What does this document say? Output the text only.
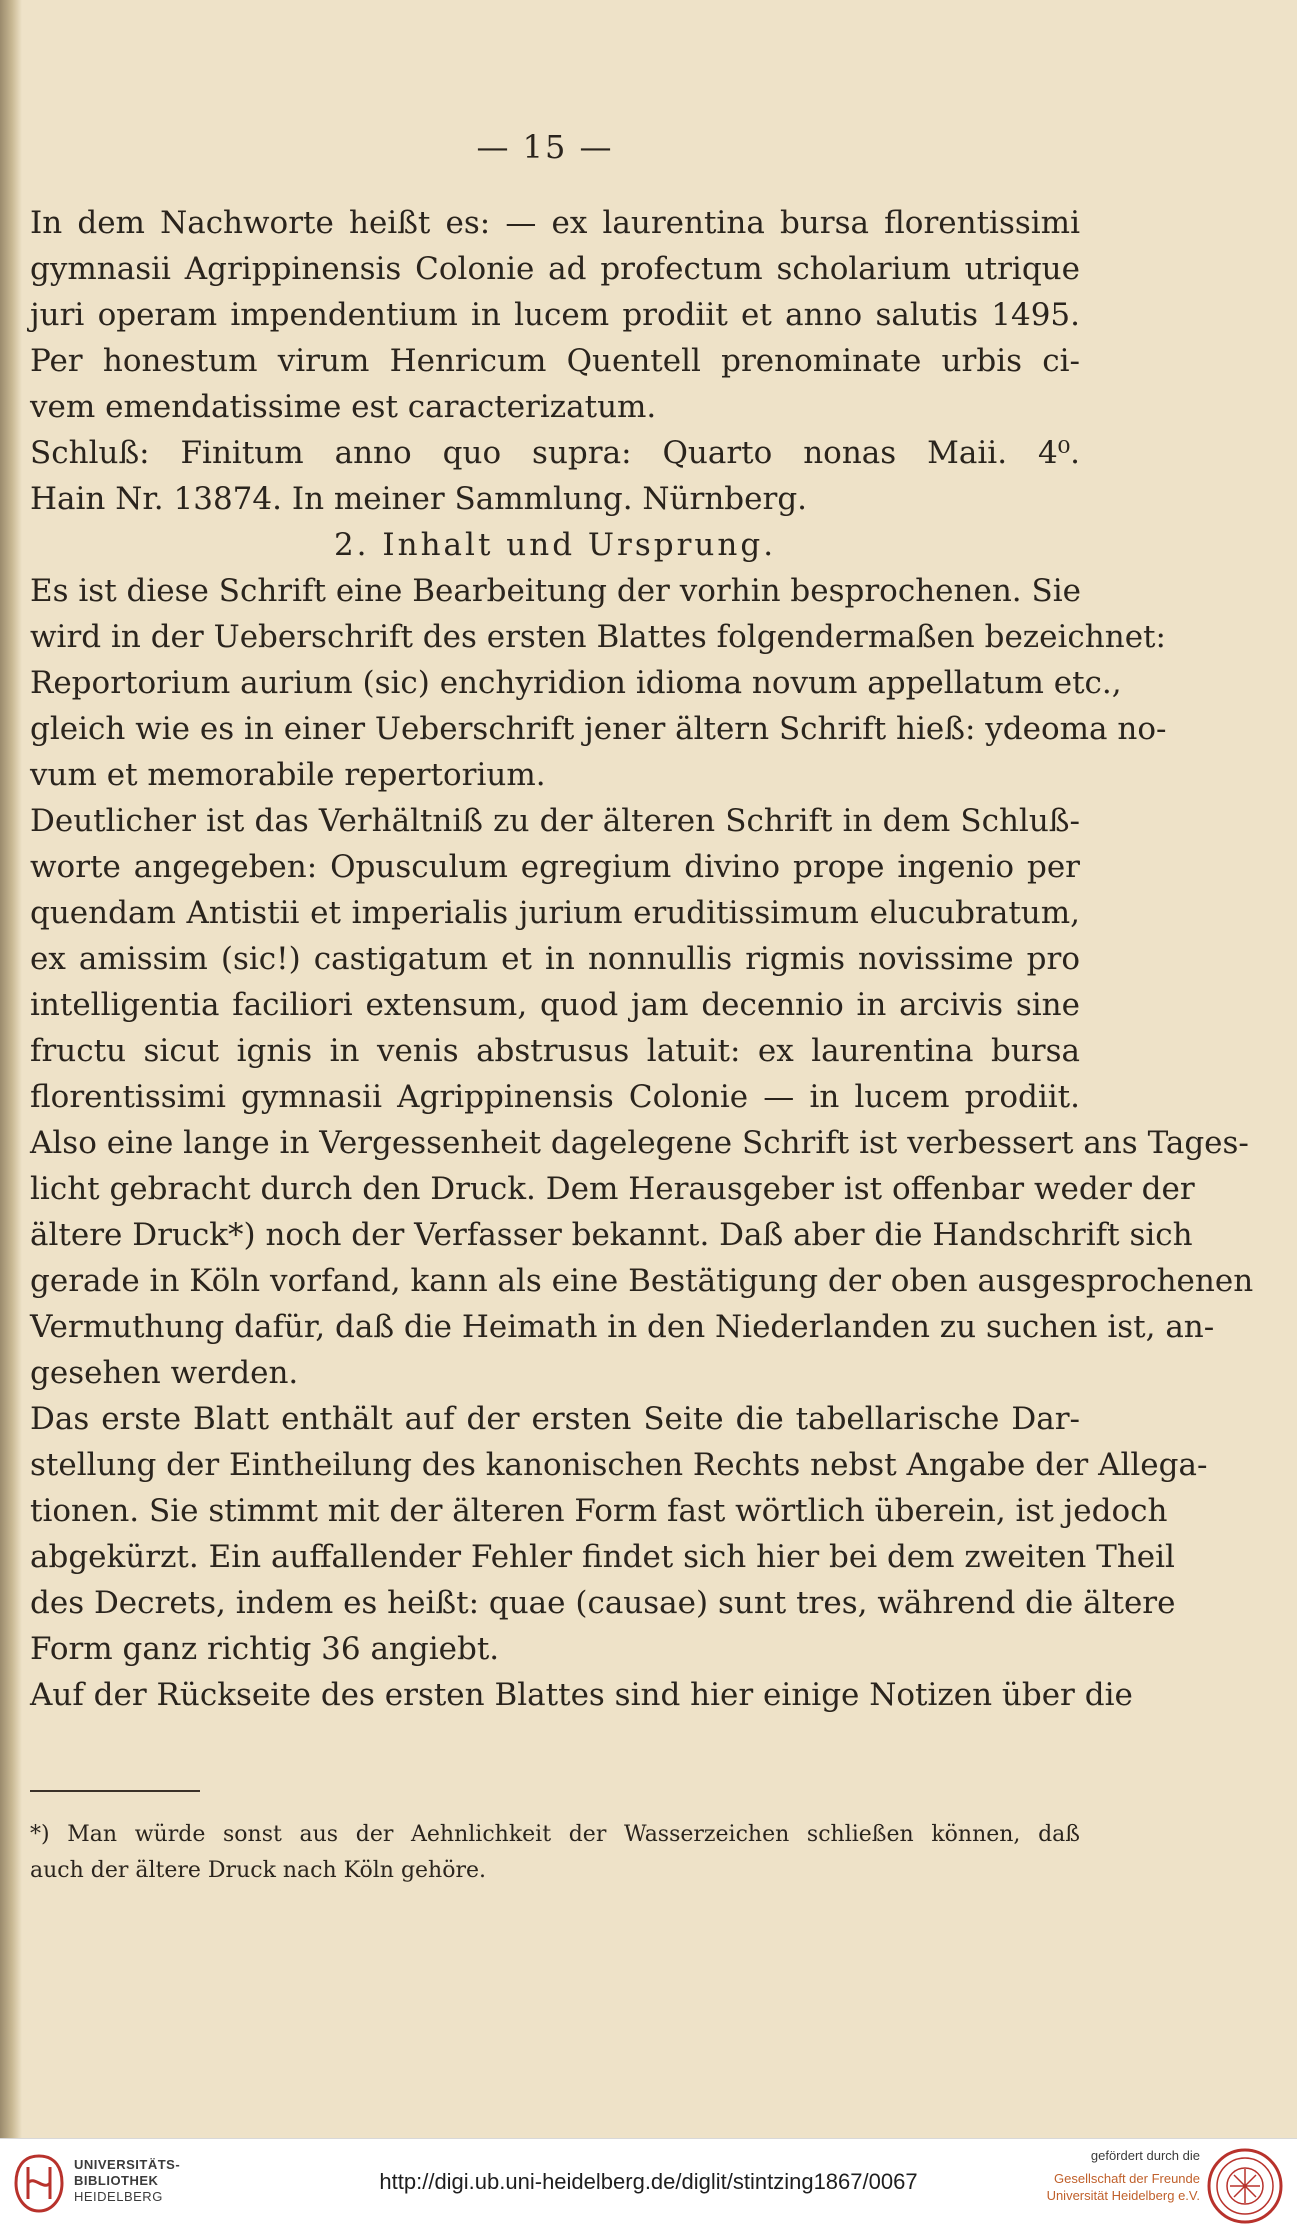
— 15 —
In dem Nachworte heißt es: — ex laurentina bursa florentissimi
gymnasii Agrippinensis Colonie ad profectum scholarium utrique
juri operam impendentium in lucem prodiit et anno salutis 1495.
Per honestum virum Henricum Quentell prenominate urbis ci-
vem emendatissime est caracterizatum.
Schluß: Finitum anno quo supra: Quarto nonas Maii. 4⁰.
Hain Nr. 13874. In meiner Sammlung. Nürnberg.
2. Inhalt und Ursprung.
Es ist diese Schrift eine Bearbeitung der vorhin besprochenen. Sie
wird in der Ueberschrift des ersten Blattes folgendermaßen bezeichnet:
Reportorium aurium (sic) enchyridion idioma novum appellatum etc.,
gleich wie es in einer Ueberschrift jener ältern Schrift hieß: ydeoma no-
vum et memorabile repertorium.
Deutlicher ist das Verhältniß zu der älteren Schrift in dem Schluß-
worte angegeben: Opusculum egregium divino prope ingenio per
quendam Antistii et imperialis jurium eruditissimum elucubratum,
ex amissim (sic!) castigatum et in nonnullis rigmis novissime pro
intelligentia faciliori extensum, quod jam decennio in arcivis sine
fructu sicut ignis in venis abstrusus latuit: ex laurentina bursa
florentissimi gymnasii Agrippinensis Colonie — in lucem prodiit.
Also eine lange in Vergessenheit dagelegene Schrift ist verbessert ans Tages-
licht gebracht durch den Druck. Dem Herausgeber ist offenbar weder der
ältere Druck*) noch der Verfasser bekannt. Daß aber die Handschrift sich
gerade in Köln vorfand, kann als eine Bestätigung der oben ausgesprochenen
Vermuthung dafür, daß die Heimath in den Niederlanden zu suchen ist, an-
gesehen werden.
Das erste Blatt enthält auf der ersten Seite die tabellarische Dar-
stellung der Eintheilung des kanonischen Rechts nebst Angabe der Allega-
tionen. Sie stimmt mit der älteren Form fast wörtlich überein, ist jedoch
abgekürzt. Ein auffallender Fehler findet sich hier bei dem zweiten Theil
des Decrets, indem es heißt: quae (causae) sunt tres, während die ältere
Form ganz richtig 36 angiebt.
Auf der Rückseite des ersten Blattes sind hier einige Notizen über die
*) Man würde sonst aus der Aehnlichkeit der Wasserzeichen schließen können, daß
auch der ältere Druck nach Köln gehöre.
UNIVERSITÄTS-
BIBLIOTHEK
HEIDELBERG
http://digi.ub.uni-heidelberg.de/diglit/stintzing1867/0067
gefördert durch die
Gesellschaft der Freunde
Universität Heidelberg e.V.
